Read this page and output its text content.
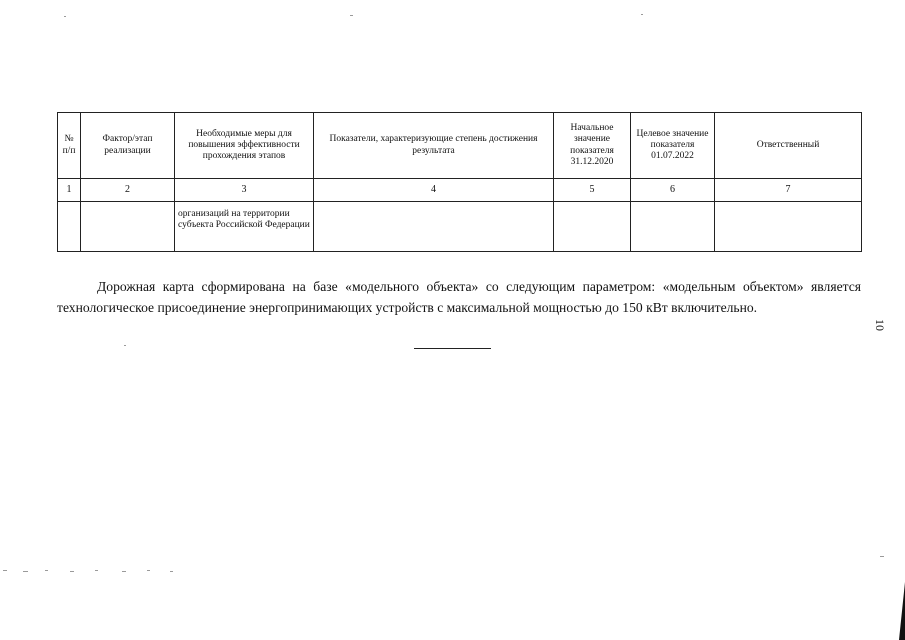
№ п/п	Фактор/этап реализации	Необходимые меры для повышения эффективности прохождения этапов	Показатели, характеризующие степень достижения результата	Начальное значение показателя 31.12.2020	Целевое значение показателя 01.07.2022	Ответственный
1	2	3	4	5	6	7
		организаций на территории субъекта Российской Федерации				

Дорожная карта сформирована на базе «модельного объекта» со следующим параметром: «модельным объектом» является технологическое присоединение энергопринимающих устройств с максимальной мощностью до 150 кВт включительно.

10
